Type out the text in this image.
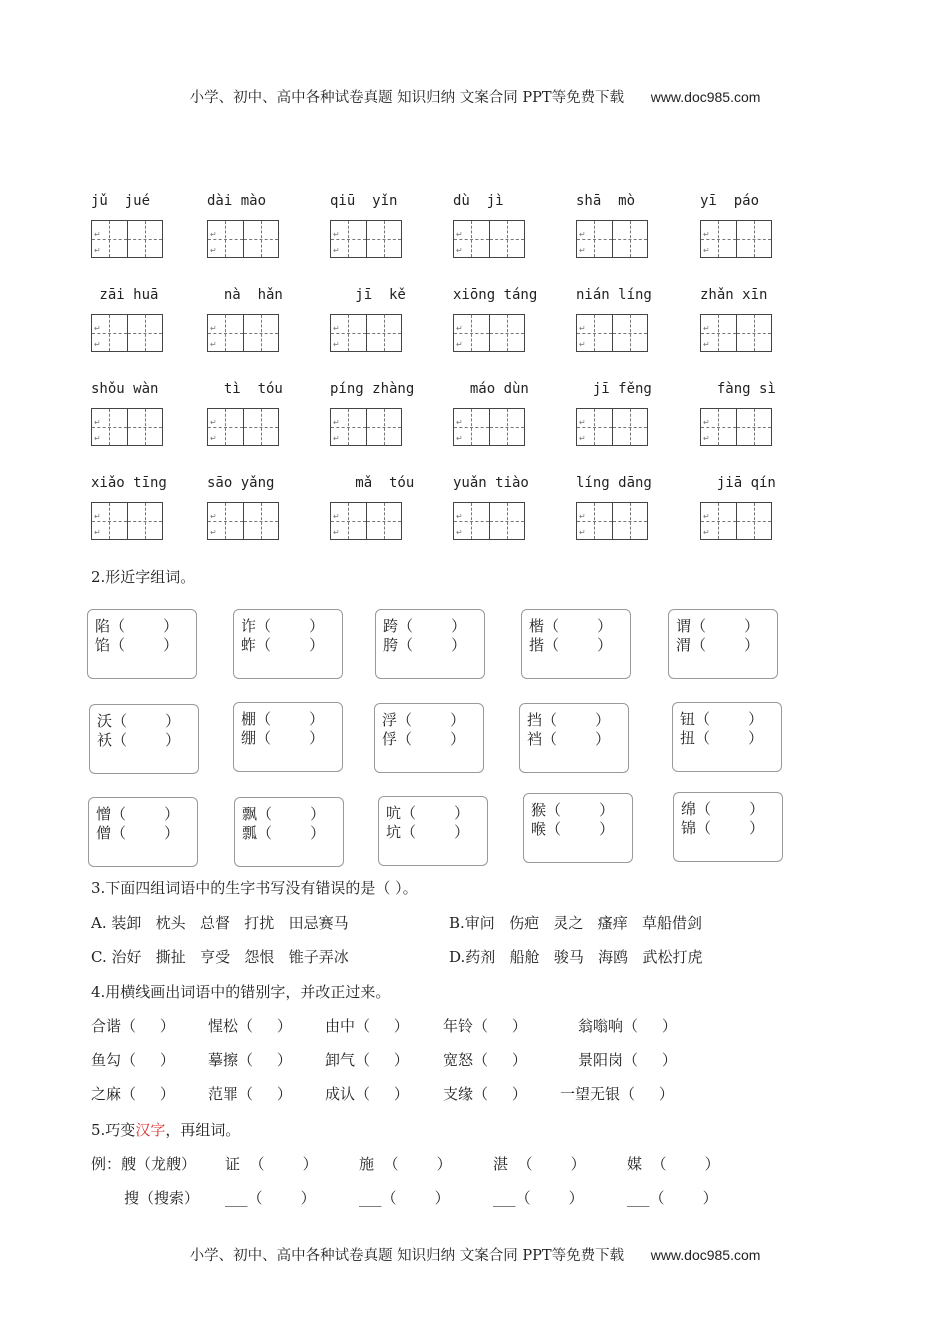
小学、初中、高中各种试卷真题 知识归纳 文案合同 PPT等免费下载 www.doc985.com
jǔ  jué
↵
↵
dài mào
↵
↵
qiū  yǐn
↵
↵
dù  jì
↵
↵
shā  mò
↵
↵
yī  páo
↵
↵
zāi huā
↵
↵
nà  hǎn
↵
↵
jī  kě
↵
↵
xiōng táng
↵
↵
nián líng
↵
↵
zhǎn xīn
↵
↵
shǒu wàn
↵
↵
tì  tóu
↵
↵
píng zhàng
↵
↵
máo dùn
↵
↵
jī fěng
↵
↵
fàng sì
↵
↵
xiǎo tīng
↵
↵
sāo yǎng
↵
↵
mǎ  tóu
↵
↵
yuǎn tiào
↵
↵
líng dāng
↵
↵
jiā qín
↵
↵
2.形近字组词。
陷（        ）
馅（        ）
诈（        ）
蚱（        ）
跨（        ）
胯（        ）
楷（        ）
揩（        ）
谓（        ）
渭（        ）
沃（        ）
袄（        ）
棚（        ）
绷（        ）
浮（        ）
俘（        ）
挡（        ）
裆（        ）
钮（        ）
扭（        ）
憎（        ）
僧（        ）
飘（        ）
瓢（        ）
吭（        ）
坑（        ）
猴（        ）
喉（        ）
绵（        ）
锦（        ）
3.下面四组词语中的生字书写没有错误的是（ ）。
A. 装卸   枕头   总督   打扰   田忌赛马	B.审问   伤疤   灵之   瘙痒   草船借剑
C. 治好   撕扯   亨受   怨恨   锥子弄冰	D.药剂   船舱   骏马   海鸥   武松打虎
4.用横线画出词语中的错别字，并改正过来。
合谐（     ） 惺松（     ） 由中（     ） 年铃（     ）	翁嗡响（     ）
鱼勾（     ） 摹擦（     ） 卸气（     ） 宽怒（     ）	景阳岗（     ）
之麻（     ） 范罪（     ） 成认（     ） 支缘（     ） 一望无银（     ）
5.巧变汉字，再组词。
例：艘（龙艘） 证  （        ）	施  （        ）	湛  （        ）	媒  （        ）
搜（搜索） ___（        ）	___（        ）	___（        ）	___（        ）
小学、初中、高中各种试卷真题 知识归纳 文案合同 PPT等免费下载 www.doc985.com
